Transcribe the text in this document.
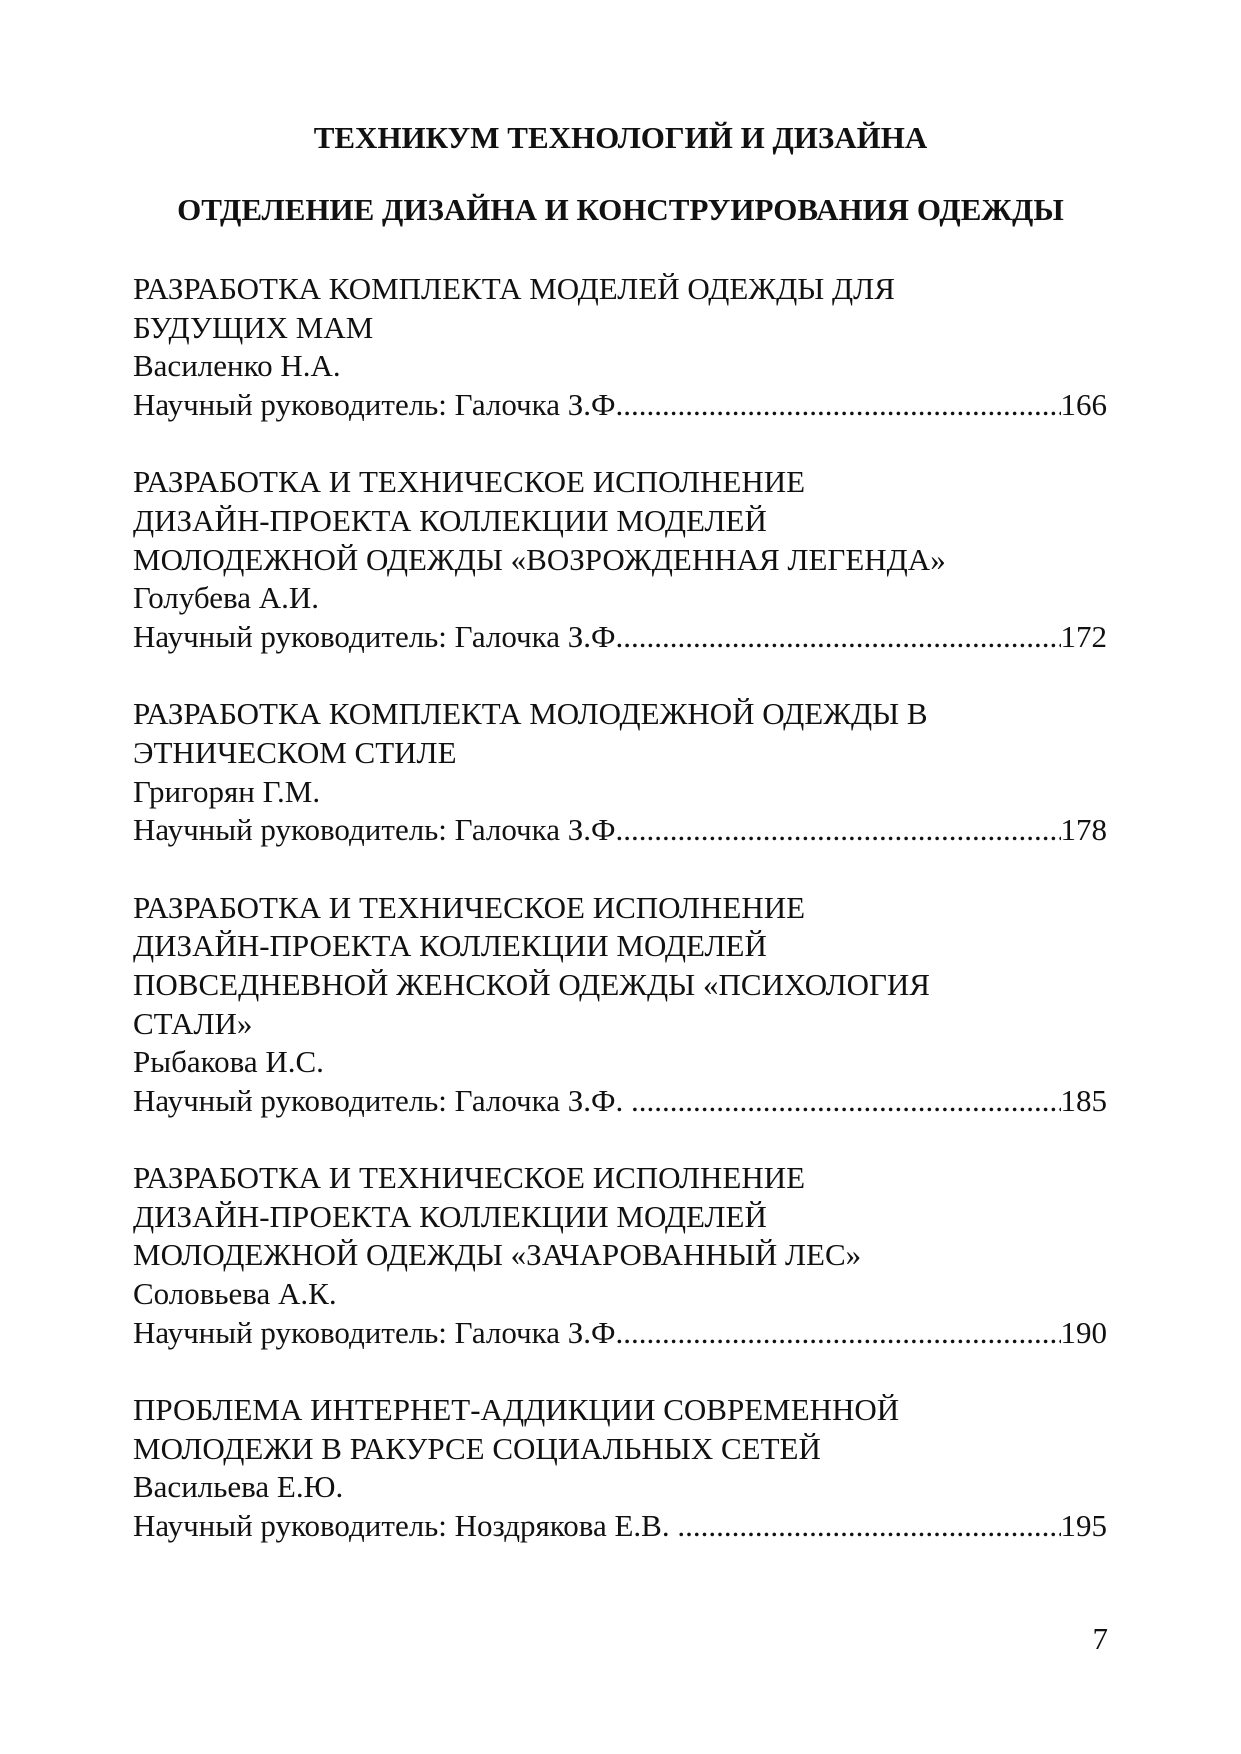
ТЕХНИКУМ ТЕХНОЛОГИЙ И ДИЗАЙНА
ОТДЕЛЕНИЕ ДИЗАЙНА И КОНСТРУИРОВАНИЯ ОДЕЖДЫ
РАЗРАБОТКА КОМПЛЕКТА МОДЕЛЕЙ ОДЕЖДЫ ДЛЯ
БУДУЩИХ МАМ
Василенко Н.А.
Научный руководитель: Галочка З.Ф. .....	166
РАЗРАБОТКА И ТЕХНИЧЕСКОЕ ИСПОЛНЕНИЕ
ДИЗАЙН-ПРОЕКТА КОЛЛЕКЦИИ МОДЕЛЕЙ
МОЛОДЕЖНОЙ ОДЕЖДЫ «ВОЗРОЖДЕННАЯ ЛЕГЕНДА»
Голубева А.И.
Научный руководитель: Галочка З.Ф. .....	172
РАЗРАБОТКА КОМПЛЕКТА МОЛОДЕЖНОЙ ОДЕЖДЫ В
ЭТНИЧЕСКОМ СТИЛЕ
Григорян Г.М.
Научный руководитель: Галочка З.Ф. .....	178
РАЗРАБОТКА И ТЕХНИЧЕСКОЕ ИСПОЛНЕНИЕ
ДИЗАЙН-ПРОЕКТА КОЛЛЕКЦИИ МОДЕЛЕЙ
ПОВСЕДНЕВНОЙ ЖЕНСКОЙ ОДЕЖДЫ «ПСИХОЛОГИЯ
СТАЛИ»
Рыбакова И.С.
Научный руководитель: Галочка З.Ф. .....	185
РАЗРАБОТКА И ТЕХНИЧЕСКОЕ ИСПОЛНЕНИЕ
ДИЗАЙН-ПРОЕКТА КОЛЛЕКЦИИ МОДЕЛЕЙ
МОЛОДЕЖНОЙ ОДЕЖДЫ «ЗАЧАРОВАННЫЙ ЛЕС»
Соловьева А.К.
Научный руководитель: Галочка З.Ф. .....	190
ПРОБЛЕМА ИНТЕРНЕТ-АДДИКЦИИ СОВРЕМЕННОЙ
МОЛОДЕЖИ В РАКУРСЕ СОЦИАЛЬНЫХ СЕТЕЙ
Васильева Е.Ю.
Научный руководитель: Ноздрякова Е.В. .....	195
7
